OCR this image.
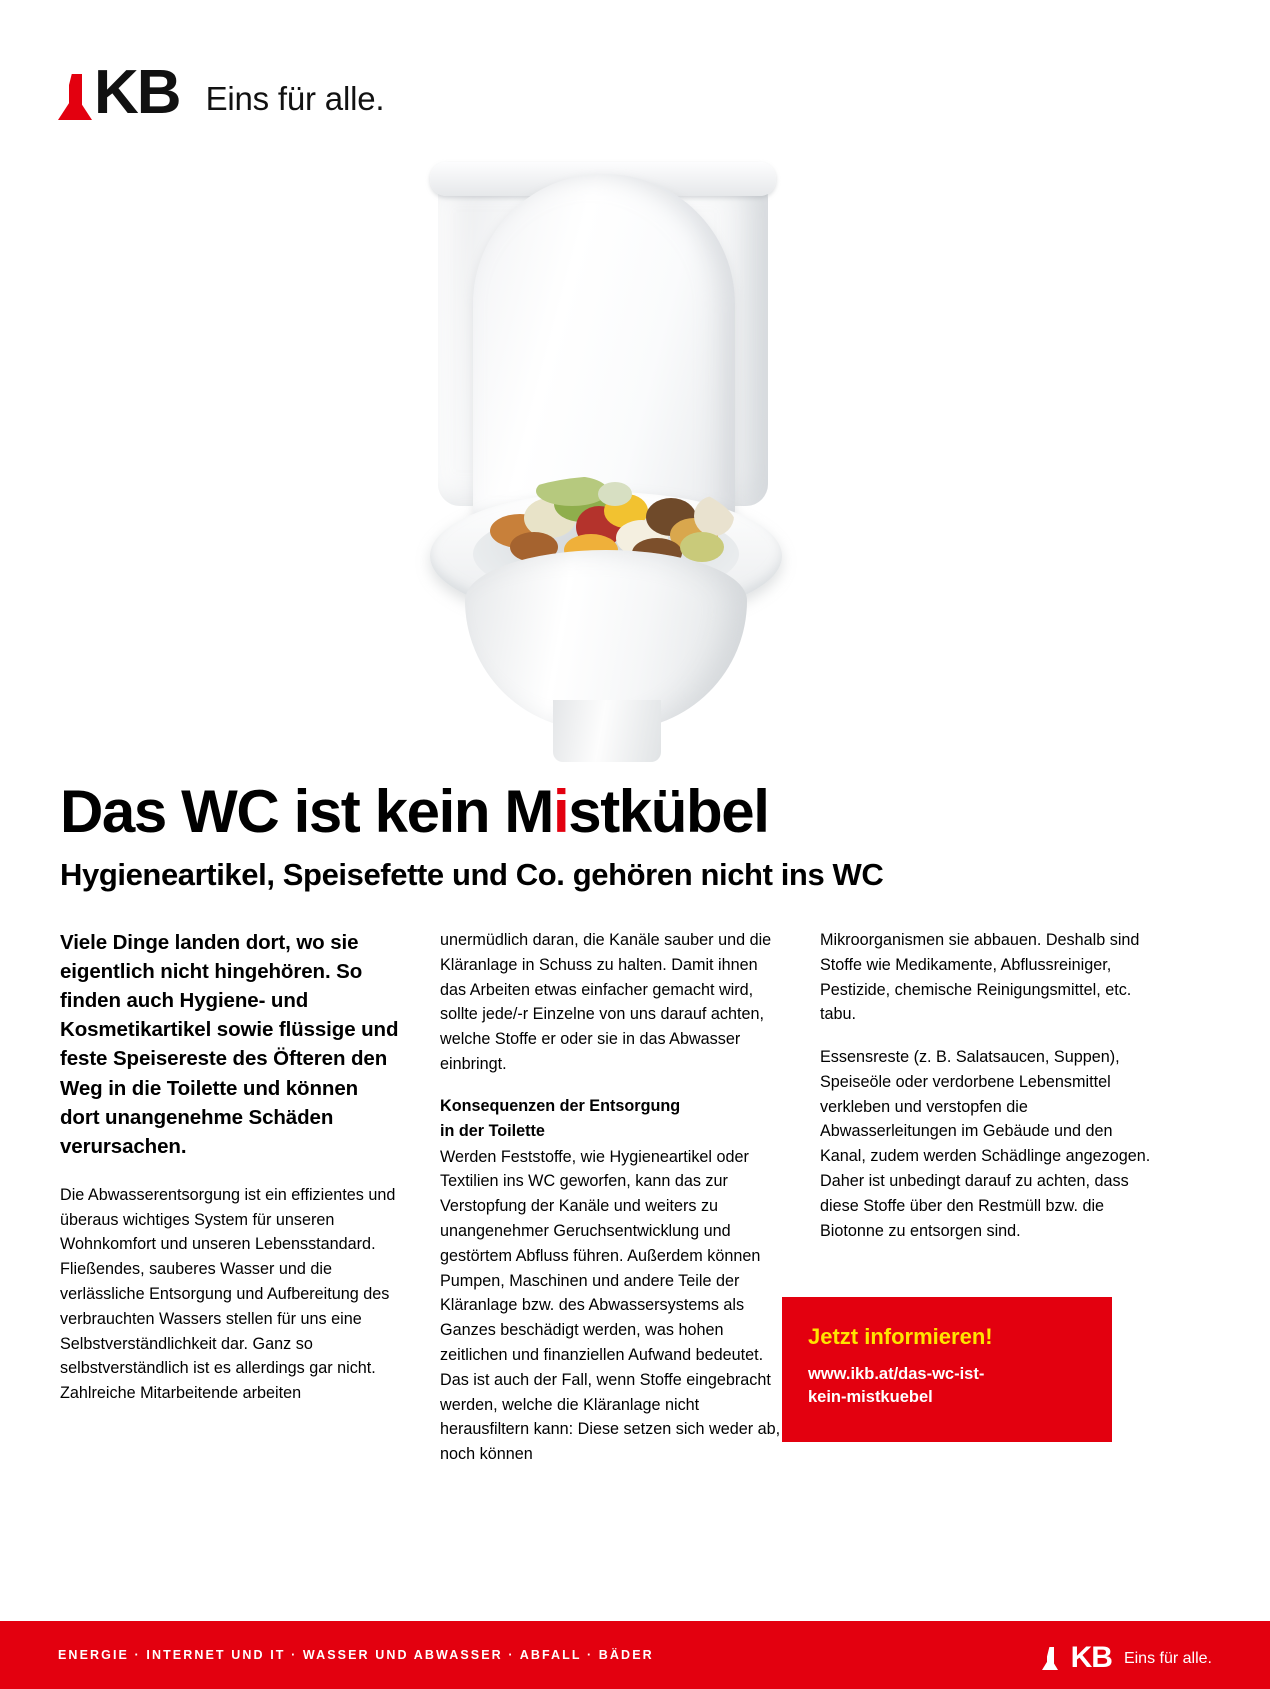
KB Eins für alle.
Das WC ist kein Mistkübel
Hygieneartikel, Speisefette und Co. gehören nicht ins WC

Viele Dinge landen dort, wo sie eigentlich nicht hingehören. So finden auch Hygiene- und Kosmetikartikel sowie flüssige und feste Speisereste des Öfteren den Weg in die Toilette und können dort unangenehme Schäden verursachen.

Die Abwasserentsorgung ist ein effizientes und überaus wichtiges System für unseren Wohnkomfort und unseren Lebensstandard. Fließendes, sauberes Wasser und die verlässliche Entsorgung und Aufbereitung des verbrauchten Wassers stellen für uns eine Selbstverständlichkeit dar. Ganz so selbstverständlich ist es allerdings gar nicht. Zahlreiche Mitarbeitende arbeiten

unermüdlich daran, die Kanäle sauber und die Kläranlage in Schuss zu halten. Damit ihnen das Arbeiten etwas einfacher gemacht wird, sollte jede/-r Einzelne von uns darauf achten, welche Stoffe er oder sie in das Abwasser einbringt.

Konsequenzen der Entsorgung

in der Toilette

Werden Feststoffe, wie Hygieneartikel oder Textilien ins WC geworfen, kann das zur Verstopfung der Kanäle und weiters zu unangenehmer Geruchsentwicklung und gestörtem Abfluss führen. Außerdem können Pumpen, Maschinen und andere Teile der Kläranlage bzw. des Abwassersystems als Ganzes beschädigt werden, was hohen zeitlichen und finanziellen Aufwand bedeutet. Das ist auch der Fall, wenn Stoffe eingebracht werden, welche die Kläranlage nicht herausfiltern kann: Diese setzen sich weder ab, noch können

Mikroorganismen sie abbauen. Deshalb sind Stoffe wie Medikamente, Abflussreiniger, Pestizide, chemische Reinigungsmittel, etc. tabu.

Essensreste (z. B. Salatsaucen, Suppen), Speiseöle oder verdorbene Lebensmittel verkleben und verstopfen die Abwasserleitungen im Gebäude und den Kanal, zudem werden Schädlinge angezogen. Daher ist unbedingt darauf zu achten, dass diese Stoffe über den Restmüll bzw. die Biotonne zu entsorgen sind.

Jetzt informieren!

www.ikb.at/das-wc-ist-
kein-mistkuebel

ENERGIE · INTERNET UND IT · WASSER UND ABWASSER · ABFALL · BÄDER	KB Eins für alle.
